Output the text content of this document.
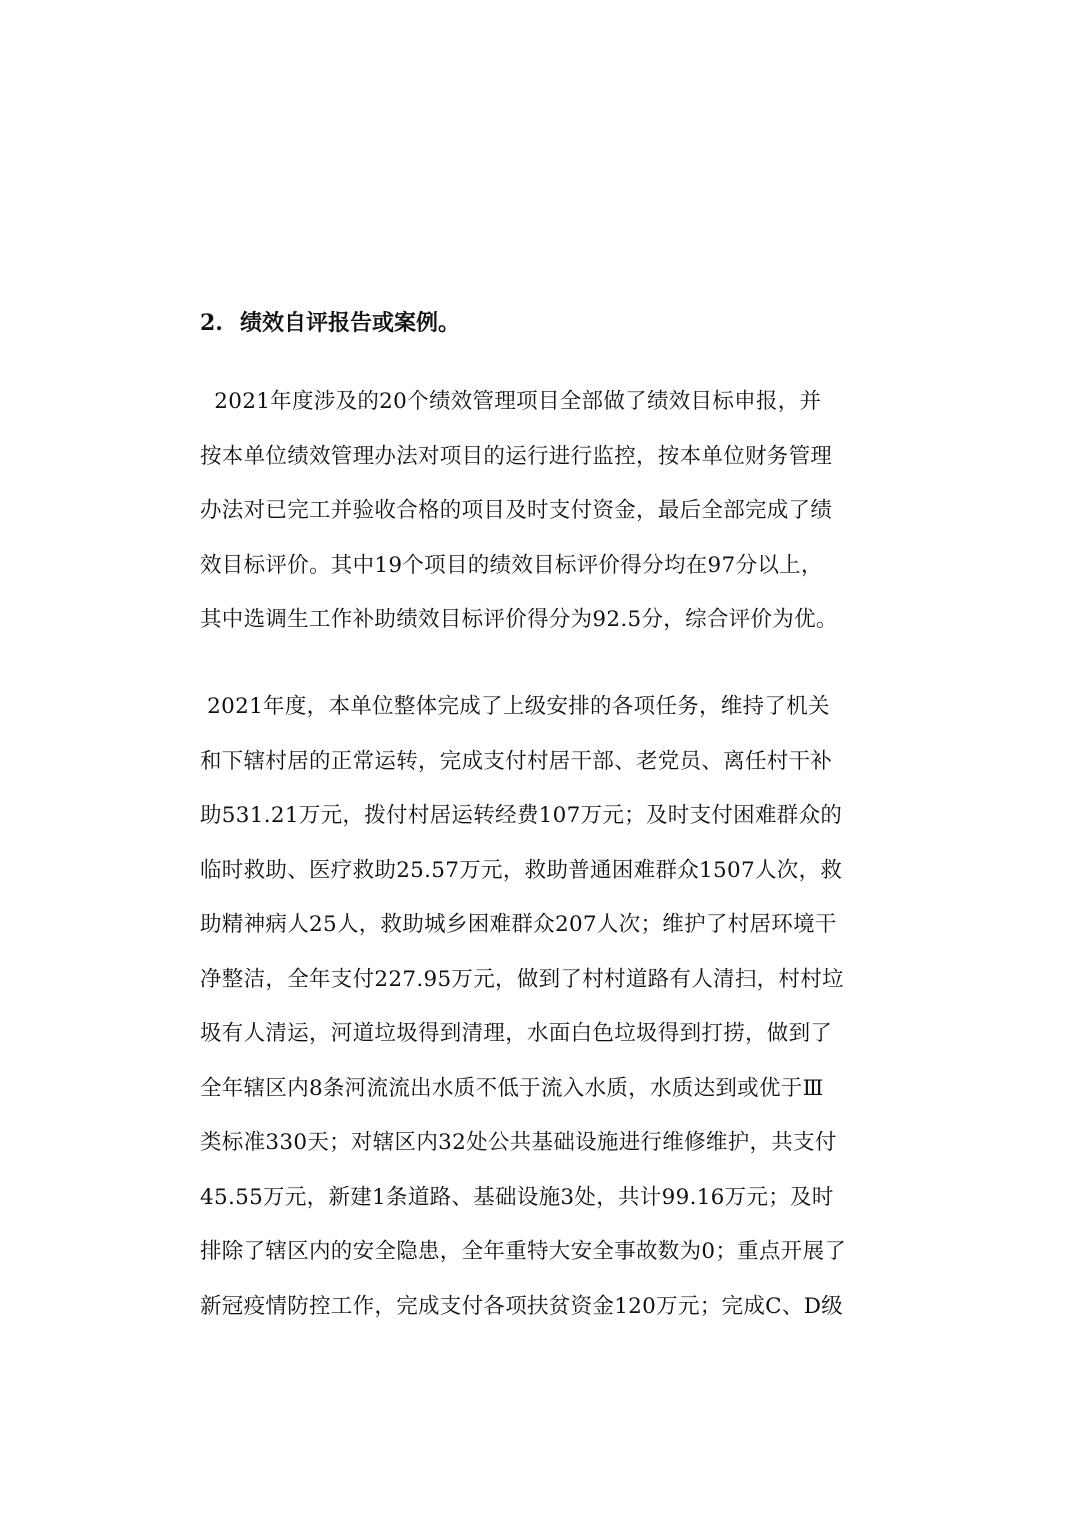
2. 绩效自评报告或案例。
2021年度涉及的20个绩效管理项目全部做了绩效目标申报，并
按本单位绩效管理办法对项目的运行进行监控，按本单位财务管理
办法对已完工并验收合格的项目及时支付资金，最后全部完成了绩
效目标评价。其中19个项目的绩效目标评价得分均在97分以上，
其中选调生工作补助绩效目标评价得分为92.5分，综合评价为优。
2021年度，本单位整体完成了上级安排的各项任务，维持了机关
和下辖村居的正常运转，完成支付村居干部、老党员、离任村干补
助531.21万元，拨付村居运转经费107万元；及时支付困难群众的
临时救助、医疗救助25.57万元，救助普通困难群众1507人次，救
助精神病人25人，救助城乡困难群众207人次；维护了村居环境干
净整洁，全年支付227.95万元，做到了村村道路有人清扫，村村垃
圾有人清运，河道垃圾得到清理，水面白色垃圾得到打捞，做到了
全年辖区内8条河流流出水质不低于流入水质，水质达到或优于Ⅲ
类标准330天；对辖区内32处公共基础设施进行维修维护，共支付
45.55万元，新建1条道路、基础设施3处，共计99.16万元；及时
排除了辖区内的安全隐患，全年重特大安全事故数为0；重点开展了
新冠疫情防控工作，完成支付各项扶贫资金120万元；完成C、D级
